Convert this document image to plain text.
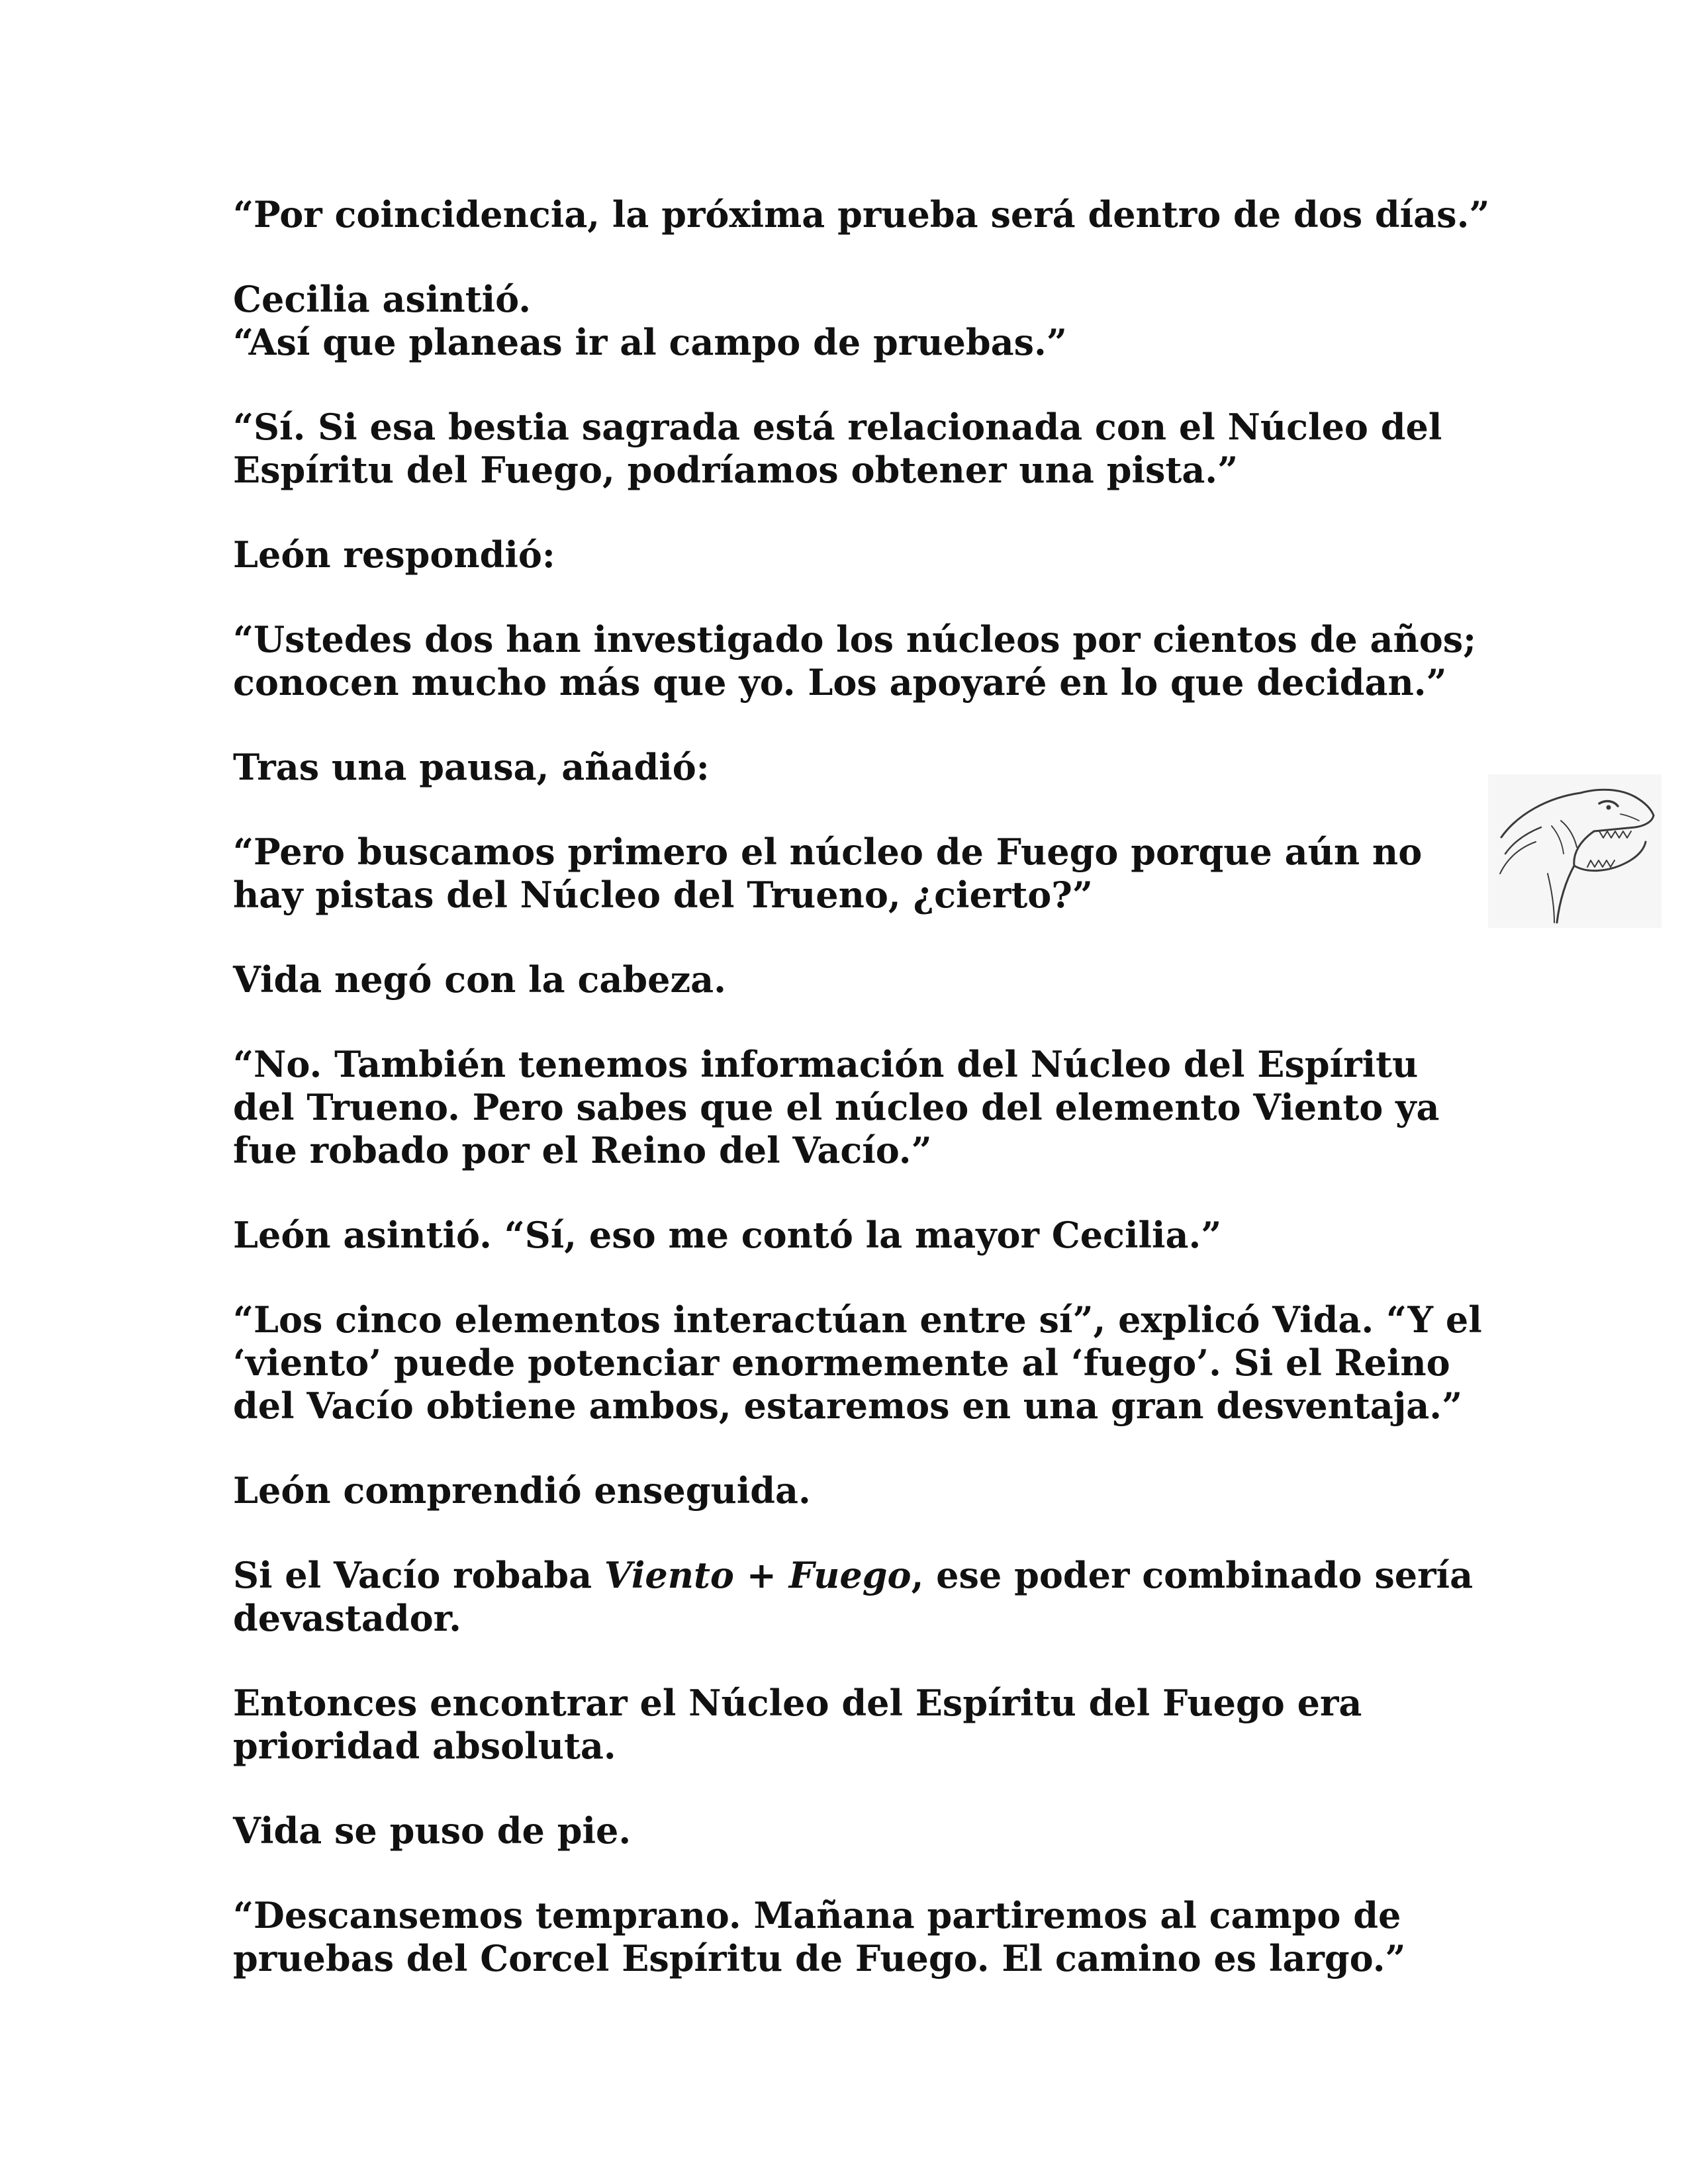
“Por coincidencia, la próxima prueba será dentro de dos días.”

Cecilia asintió.

“Así que planeas ir al campo de pruebas.”

“Sí. Si esa bestia sagrada está relacionada con el Núcleo del
Espíritu del Fuego, podríamos obtener una pista.”

León respondió:

“Ustedes dos han investigado los núcleos por cientos de años;
conocen mucho más que yo. Los apoyaré en lo que decidan.”

Tras una pausa, añadió:

“Pero buscamos primero el núcleo de Fuego porque aún no
hay pistas del Núcleo del Trueno, ¿cierto?”

Vida negó con la cabeza.

“No. También tenemos información del Núcleo del Espíritu
del Trueno. Pero sabes que el núcleo del elemento Viento ya
fue robado por el Reino del Vacío.”

León asintió. “Sí, eso me contó la mayor Cecilia.”

“Los cinco elementos interactúan entre sí”, explicó Vida. “Y el
‘viento’ puede potenciar enormemente al ‘fuego’. Si el Reino
del Vacío obtiene ambos, estaremos en una gran desventaja.”

León comprendió enseguida.

Si el Vacío robaba Viento + Fuego, ese poder combinado sería
devastador.

Entonces encontrar el Núcleo del Espíritu del Fuego era
prioridad absoluta.

Vida se puso de pie.

“Descansemos temprano. Mañana partiremos al campo de
pruebas del Corcel Espíritu de Fuego. El camino es largo.”
